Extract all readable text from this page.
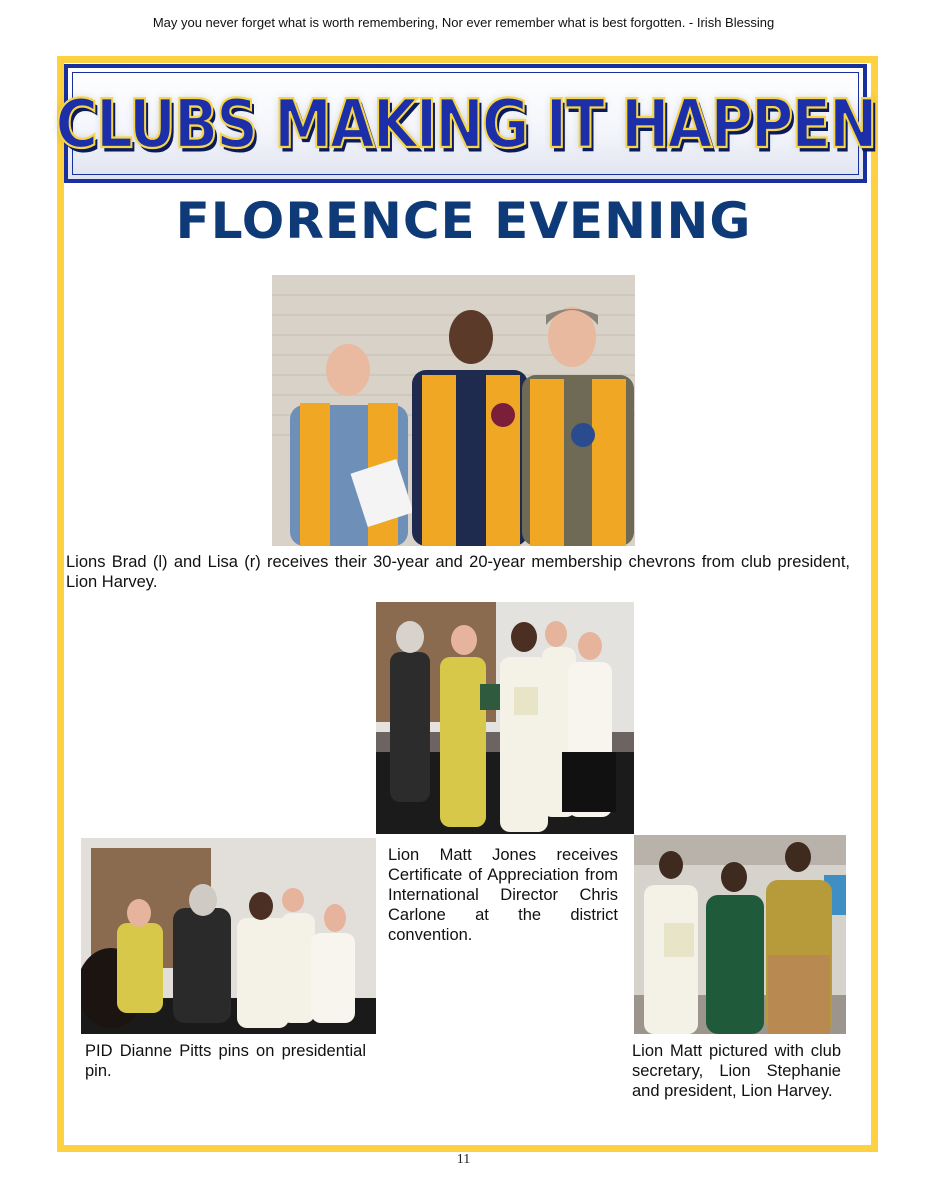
May you never forget what is worth remembering, Nor ever remember what is best forgotten. - Irish Blessing
CLUBS MAKING IT HAPPEN
FLORENCE EVENING
Lions Brad (l) and Lisa (r) receives their 30-year and 20-year membership chevrons from club president, Lion Harvey.
Lion Matt Jones receives Certificate of Appreciation from International Director Chris Carlone at the district convention.
PID Dianne Pitts pins on presidential pin.
Lion Matt pictured with club secretary, Lion Stephanie and president, Lion Harvey.
11
